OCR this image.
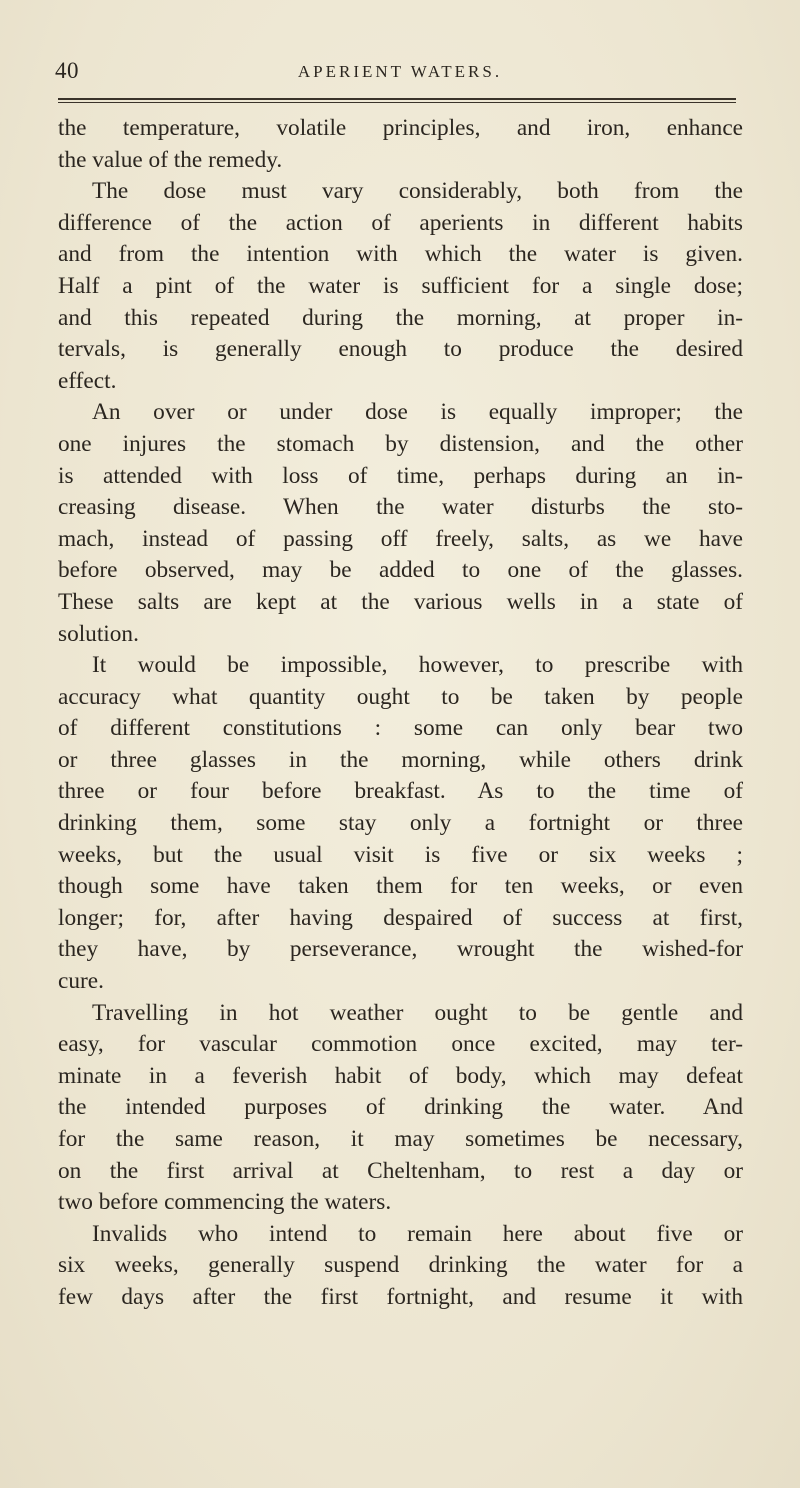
40	APERIENT WATERS.
the temperature, volatile principles, and iron, enhance
the value of the remedy.
The dose must vary considerably, both from the
difference of the action of aperients in different habits
and from the intention with which the water is given.
Half a pint of the water is sufficient for a single dose;
and this repeated during the morning, at proper in-
tervals, is generally enough to produce the desired
effect.
An over or under dose is equally improper; the
one injures the stomach by distension, and the other
is attended with loss of time, perhaps during an in-
creasing disease. When the water disturbs the sto-
mach, instead of passing off freely, salts, as we have
before observed, may be added to one of the glasses.
These salts are kept at the various wells in a state of
solution.
It would be impossible, however, to prescribe with
accuracy what quantity ought to be taken by people
of different constitutions : some can only bear two
or three glasses in the morning, while others drink
three or four before breakfast. As to the time of
drinking them, some stay only a fortnight or three
weeks, but the usual visit is five or six weeks ;
though some have taken them for ten weeks, or even
longer; for, after having despaired of success at first,
they have, by perseverance, wrought the wished-for
cure.
Travelling in hot weather ought to be gentle and
easy, for vascular commotion once excited, may ter-
minate in a feverish habit of body, which may defeat
the intended purposes of drinking the water. And
for the same reason, it may sometimes be necessary,
on the first arrival at Cheltenham, to rest a day or
two before commencing the waters.
Invalids who intend to remain here about five or
six weeks, generally suspend drinking the water for a
few days after the first fortnight, and resume it with
